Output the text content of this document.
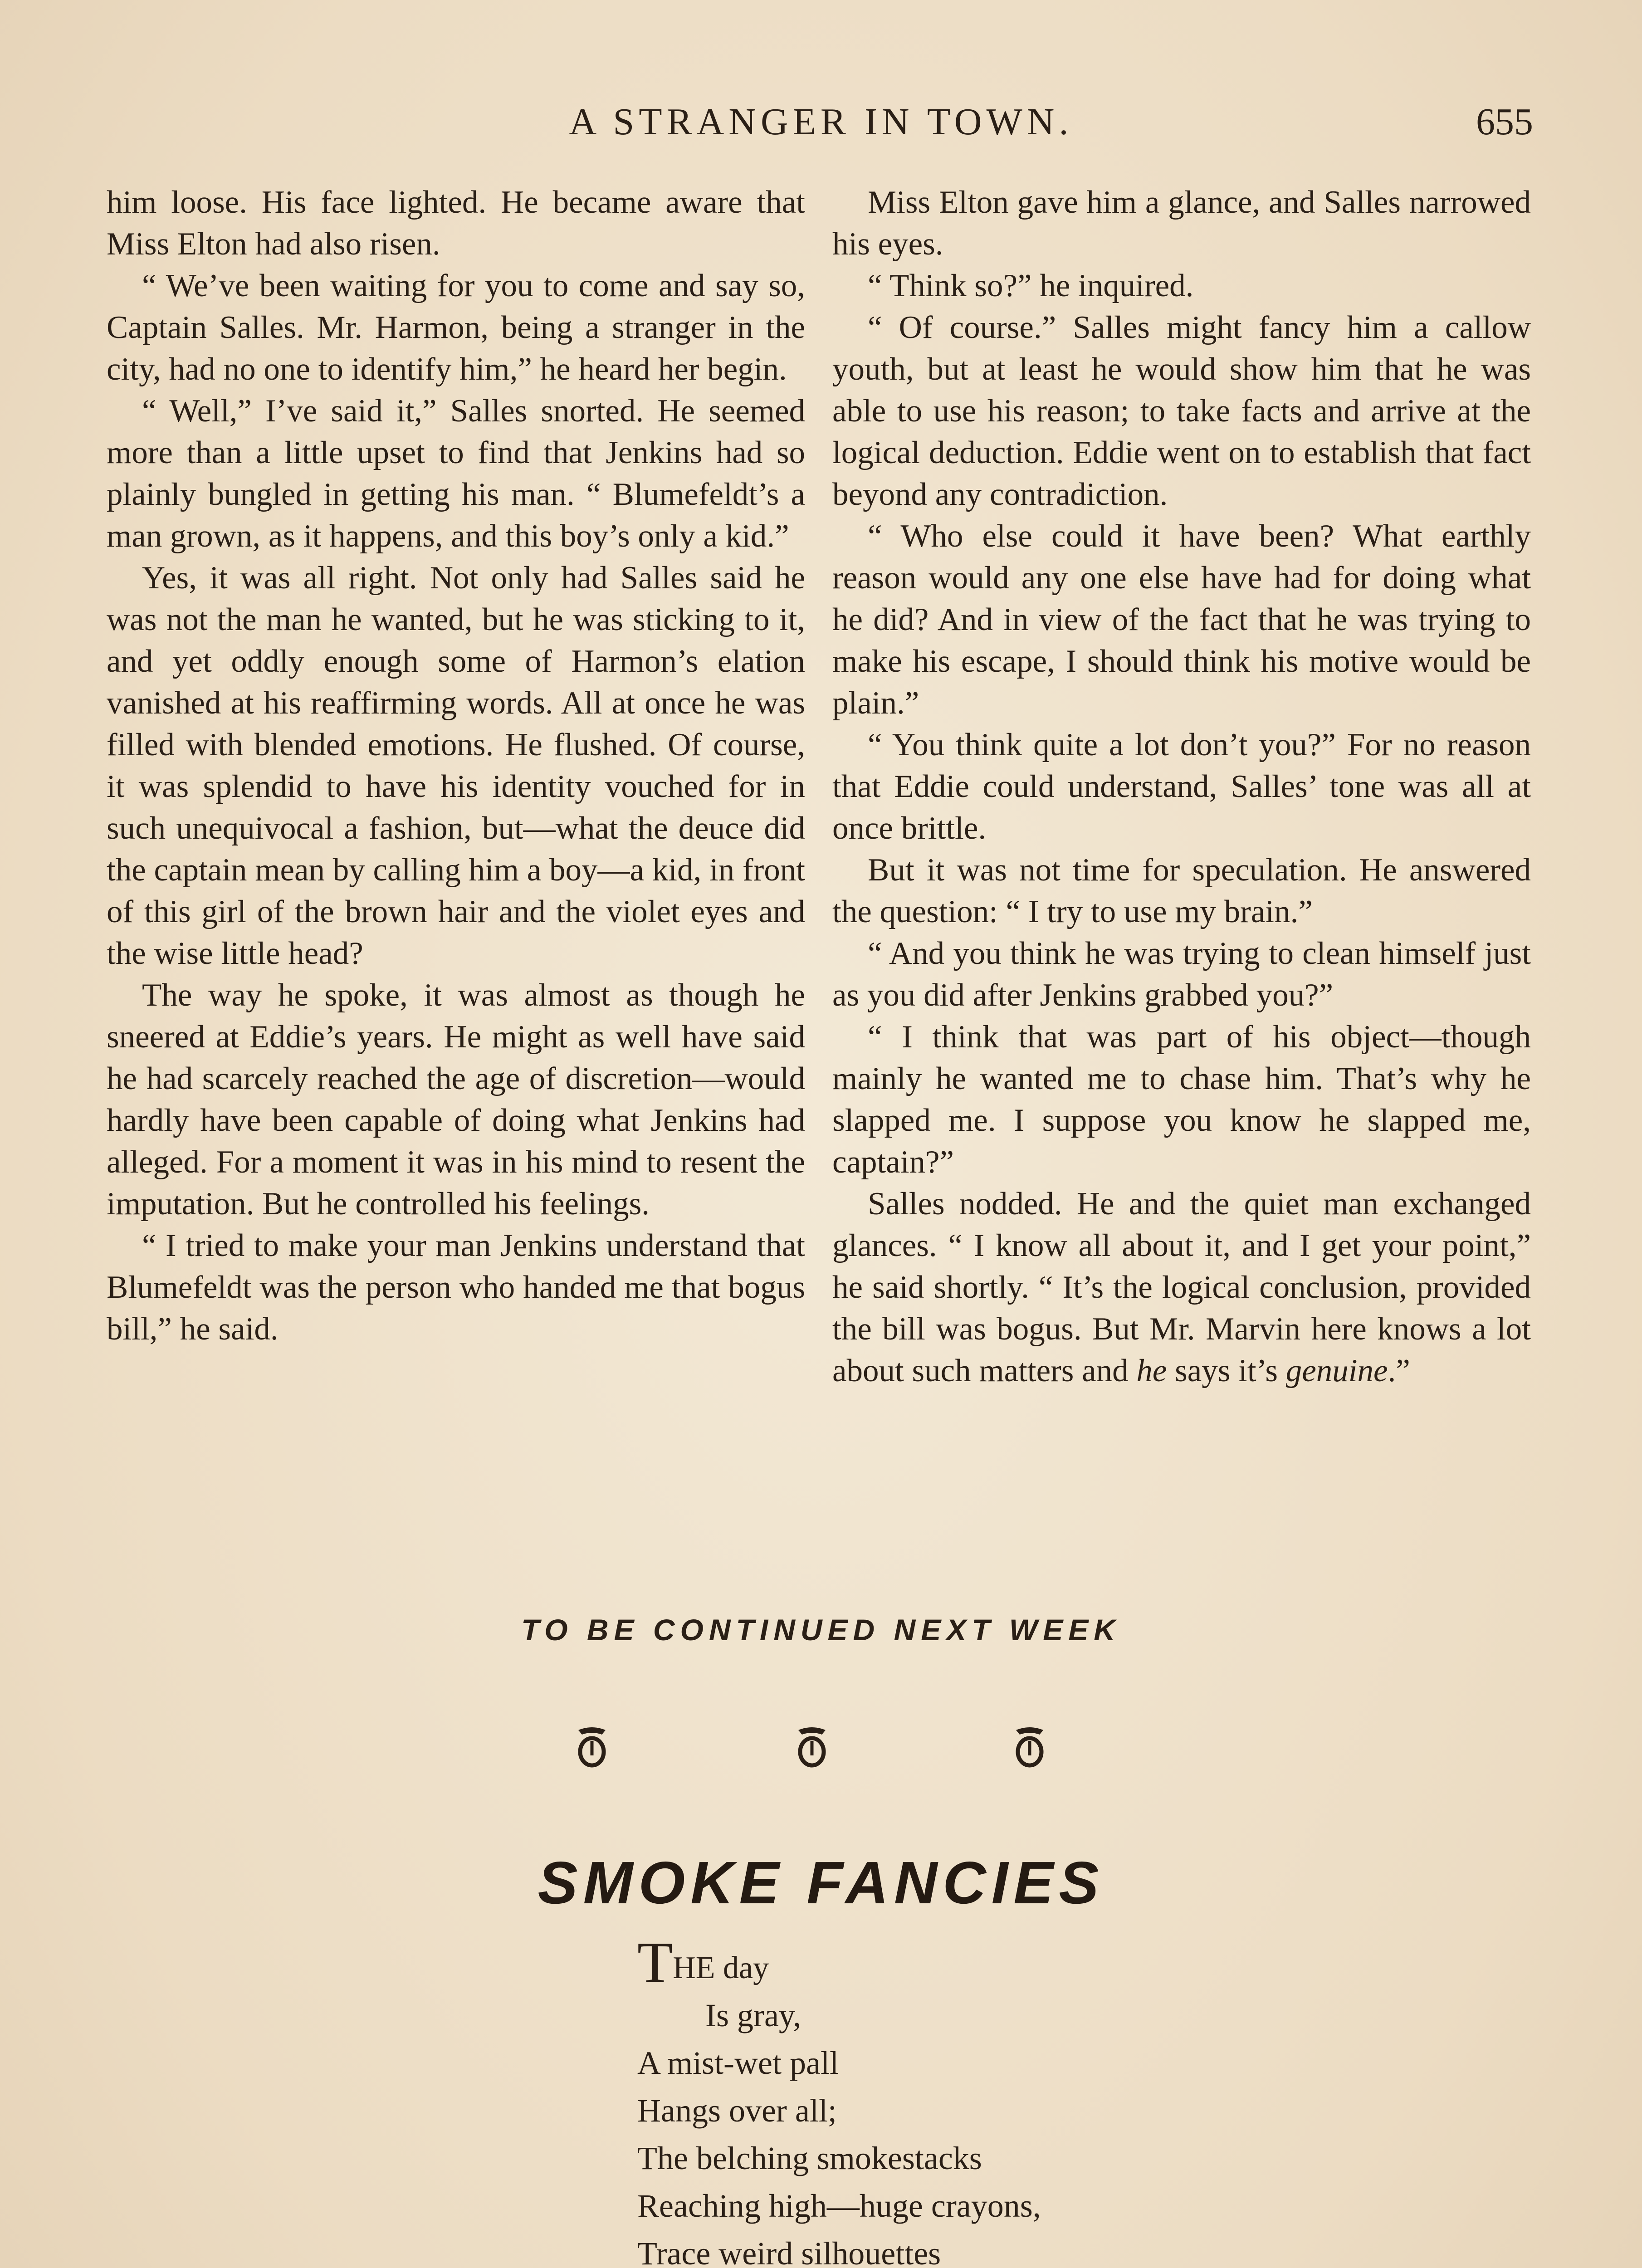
A STRANGER IN TOWN.	655

him loose. His face lighted. He became aware that Miss Elton had also risen.

“ We’ve been waiting for you to come and say so, Captain Salles. Mr. Harmon, being a stranger in the city, had no one to identify him,” he heard her begin.

“ Well,” I’ve said it,” Salles snorted. He seemed more than a little upset to find that Jenkins had so plainly bungled in getting his man. “ Blumefeldt’s a man grown, as it happens, and this boy’s only a kid.”

Yes, it was all right. Not only had Salles said he was not the man he wanted, but he was sticking to it, and yet oddly enough some of Harmon’s elation vanished at his reaffirming words. All at once he was filled with blended emotions. He flushed. Of course, it was splendid to have his identity vouched for in such unequivocal a fashion, but—what the deuce did the captain mean by calling him a boy—a kid, in front of this girl of the brown hair and the violet eyes and the wise little head?

The way he spoke, it was almost as though he sneered at Eddie’s years. He might as well have said he had scarcely reached the age of discretion—would hardly have been capable of doing what Jenkins had alleged. For a moment it was in his mind to resent the imputation. But he controlled his feelings.

“ I tried to make your man Jenkins understand that Blumefeldt was the person who handed me that bogus bill,” he said.

Miss Elton gave him a glance, and Salles narrowed his eyes.

“ Think so?” he inquired.

“ Of course.” Salles might fancy him a callow youth, but at least he would show him that he was able to use his reason; to take facts and arrive at the logical deduction. Eddie went on to establish that fact beyond any contradiction.

“ Who else could it have been? What earthly reason would any one else have had for doing what he did? And in view of the fact that he was trying to make his escape, I should think his motive would be plain.”

“ You think quite a lot don’t you?” For no reason that Eddie could understand, Salles’ tone was all at once brittle.

But it was not time for speculation. He answered the question: “ I try to use my brain.”

“ And you think he was trying to clean himself just as you did after Jenkins grabbed you?”

“ I think that was part of his object—though mainly he wanted me to chase him. That’s why he slapped me. I suppose you know he slapped me, captain?”

Salles nodded. He and the quiet man exchanged glances. “ I know all about it, and I get your point,” he said shortly. “ It’s the logical conclusion, provided the bill was bogus. But Mr. Marvin here knows a lot about such matters and he says it’s genuine.”

TO BE CONTINUED NEXT WEEK
SMOKE FANCIES
THE day
Is gray,
A mist-wet pall
Hangs over all;
The belching smokestacks
Reaching high—huge crayons,
Trace weird silhouettes
